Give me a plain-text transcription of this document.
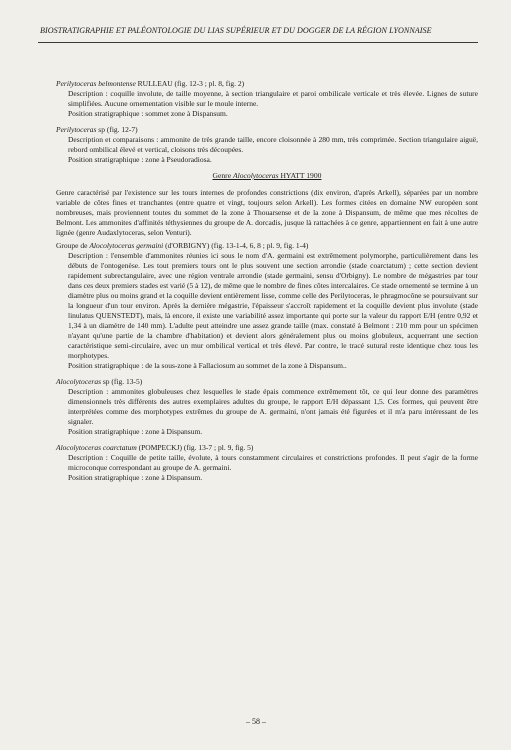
BIOSTRATIGRAPHIE ET PALÉONTOLOGIE DU LIAS SUPÉRIEUR ET DU DOGGER DE LA RÉGION LYONNAISE

Perilytoceras belmontense RULLEAU (fig. 12-3 ; pl. 8, fig. 2)

Description : coquille involute, de taille moyenne, à section triangulaire et paroi ombilicale verticale et très élevée. Lignes de suture simplifiées. Aucune ornementation visible sur le moule interne.

Position stratigraphique : sommet zone à Dispansum.

Perilytoceras sp (fig. 12-7)

Description et comparaisons : ammonite de très grande taille, encore cloisonnée à 280 mm, très comprimée. Section triangulaire aiguë, rebord ombilical élevé et vertical, cloisons très découpées.

Position stratigraphique : zone à Pseudoradiosa.

Genre Alocolytoceras HYATT 1900

Genre caractérisé par l'existence sur les tours internes de profondes constrictions (dix environ, d'après Arkell), séparées par un nombre variable de côtes fines et tranchantes (entre quatre et vingt, toujours selon Arkell). Les formes citées en domaine NW européen sont nombreuses, mais proviennent toutes du sommet de la zone à Thouarsense et de la zone à Dispansum, de même que mes récoltes de Belmont. Les ammonites d'affinités téthysiennes du groupe de A. dorcadis, jusque là rattachées à ce genre, appartiennent en fait à une autre lignée (genre Audaxlytoceras, selon Venturi).

Groupe de Alocolytoceras germaini (d'ORBIGNY) (fig. 13-1-4, 6, 8 ; pl. 9, fig. 1-4)

Description : l'ensemble d'ammonites réunies ici sous le nom d'A. germaini est extrêmement polymorphe, particulièrement dans les débuts de l'ontogenèse. Les tout premiers tours ont le plus souvent une section arrondie (stade coarctatum) ; cette section devient rapidement subrectangulaire, avec une région ventrale arrondie (stade germaini, sensu d'Orbigny). Le nombre de mégastries par tour dans ces deux premiers stades est varié (5 à 12), de même que le nombre de fines côtes intercalaires. Ce stade ornementé se termine à un diamètre plus ou moins grand et la coquille devient entièrement lisse, comme celle des Perilytoceras, le phragmocône se poursuivant sur la longueur d'un tour environ. Après la dernière mégastrie, l'épaisseur s'accroît rapidement et la coquille devient plus involute (stade linulatus QUENSTEDT), mais, là encore, il existe une variabilité assez importante qui porte sur la valeur du rapport E/H (entre 0,92 et 1,34 à un diamètre de 140 mm). L'adulte peut atteindre une assez grande taille (max. constaté à Belmont : 210 mm pour un spécimen n'ayant qu'une partie de la chambre d'habitation) et devient alors généralement plus ou moins globuleux, acquerrant une section caractéristique semi-circulaire, avec un mur ombilical vertical et très élevé. Par contre, le tracé sutural reste identique chez tous les morphotypes.

Position stratigraphique : de la sous-zone à Fallaciosum au sommet de la zone à Dispansum..

Alocolytoceras sp (fig. 13-5)

Description : ammonites globuleuses chez lesquelles le stade épais commence extrêmement tôt, ce qui leur donne des paramètres dimensionnels très différents des autres exemplaires adultes du groupe, le rapport E/H dépassant 1,5. Ces formes, qui peuvent être interprétées comme des morphotypes extrêmes du groupe de A. germaini, n'ont jamais été figurées et il m'a paru intéressant de les signaler.

Position stratigraphique : zone à Dispansum.

Alocolytoceras coarctatum (POMPECKJ) (fig. 13-7 ; pl. 9, fig. 5)

Description : Coquille de petite taille, évolute, à tours constamment circulaires et constrictions profondes. Il peut s'agir de la forme microconque correspondant au groupe de A. germaini.

Position stratigraphique : zone à Dispansum.

– 58 –
